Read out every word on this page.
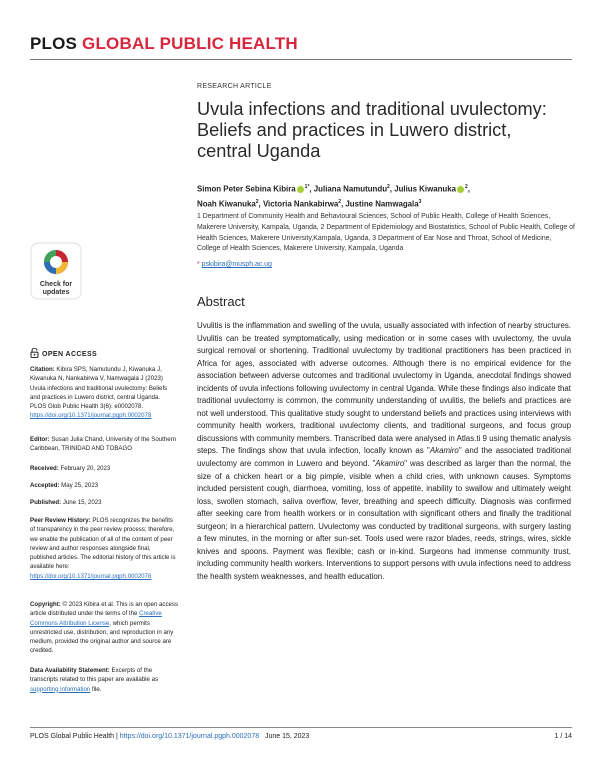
PLOS GLOBAL PUBLIC HEALTH
Check for
updates
RESEARCH ARTICLE
Uvula infections and traditional uvulectomy: Beliefs and practices in Luwero district, central Uganda
Simon Peter Sebina Kibira $^{1*}$, Juliana Namutundu$^2$, Julius Kiwanuka $^2$,
Noah Kiwanuka$^2$, Victoria Nankabirwa$^2$, Justine Namwagala$^3$
1 Department of Community Health and Behavioural Sciences, School of Public Health, College of Health Sciences, Makerere University, Kampala, Uganda, 2 Department of Epidemiology and Biostatistics, School of Public Health, College of Health Sciences, Makerere University,Kampala, Uganda, 3 Department of Ear Nose and Throat, School of Medicine, College of Health Sciences, Makerere University, Kampala, Uganda
* pskibira@musph.ac.ug
Abstract
Uvulitis is the inflammation and swelling of the uvula, usually associated with infection of nearby structures. Uvulitis can be treated symptomatically, using medication or in some cases with uvulectomy, the uvula surgical removal or shortening. Traditional uvulectomy by traditional practitioners has been practiced in Africa for ages, associated with adverse outcomes. Although there is no empirical evidence for the association between adverse outcomes and traditional uvulectomy in Uganda, anecdotal findings showed incidents of uvula infections following uvulectomy in central Uganda. While these findings also indicate that traditional uvulectomy is common, the community understanding of uvulitis, the beliefs and practices are not well understood. This qualitative study sought to understand beliefs and practices using interviews with community health workers, traditional uvulectomy clients, and traditional surgeons, and focus group discussions with community members. Transcribed data were analysed in Atlas.ti 9 using thematic analysis steps. The findings show that uvula infection, locally known as "Akamiro" and the associated traditional uvulectomy are common in Luwero and beyond. "Akamiro" was described as larger than the normal, the size of a chicken heart or a big pimple, visible when a child cries, with unknown causes. Symptoms included persistent cough, diarrhoea, vomiting, loss of appetite, inability to swallow and ultimately weight loss, swollen stomach, saliva overflow, fever, breathing and speech difficulty. Diagnosis was confirmed after seeking care from health workers or in consultation with significant others and finally the traditional surgeon; in a hierarchical pattern. Uvulectomy was conducted by traditional surgeons, with surgery lasting a few minutes, in the morning or after sun-set. Tools used were razor blades, reeds, strings, wires, sickle knives and spoons. Payment was flexible; cash or in-kind. Surgeons had immense community trust, including community health workers. Interventions to support persons with uvula infections need to address the health system weaknesses, and health education.
OPEN ACCESS
Citation: Kibira SPS, Namutundu J, Kiwanuka J, Kiwanuka N, Nankabirwa V, Namwagala J (2023) Uvula infections and traditional uvulectomy: Beliefs and practices in Luwero district, central Uganda. PLOS Glob Public Health 3(6): e0002078. https://doi.org/10.1371/journal.pgph.0002078
Editor: Susan Julia Chand, University of the Southern Caribbean, TRINIDAD AND TOBAGO
Received: February 20, 2023
Accepted: May 25, 2023
Published: June 15, 2023
Peer Review History: PLOS recognizes the benefits of transparency in the peer review process; therefore, we enable the publication of all of the content of peer review and author responses alongside final, published articles. The editorial history of this article is available here: https://doi.org/10.1371/journal.pgph.0002078
Copyright: © 2023 Kibira et al. This is an open access article distributed under the terms of the Creative Commons Attribution License, which permits unrestricted use, distribution, and reproduction in any medium, provided the original author and source are credited.
Data Availability Statement: Excerpts of the transcripts related to this paper are available as supporting information file.
PLOS Global Public Health | https://doi.org/10.1371/journal.pgph.0002078 June 15, 2023	1 / 14
